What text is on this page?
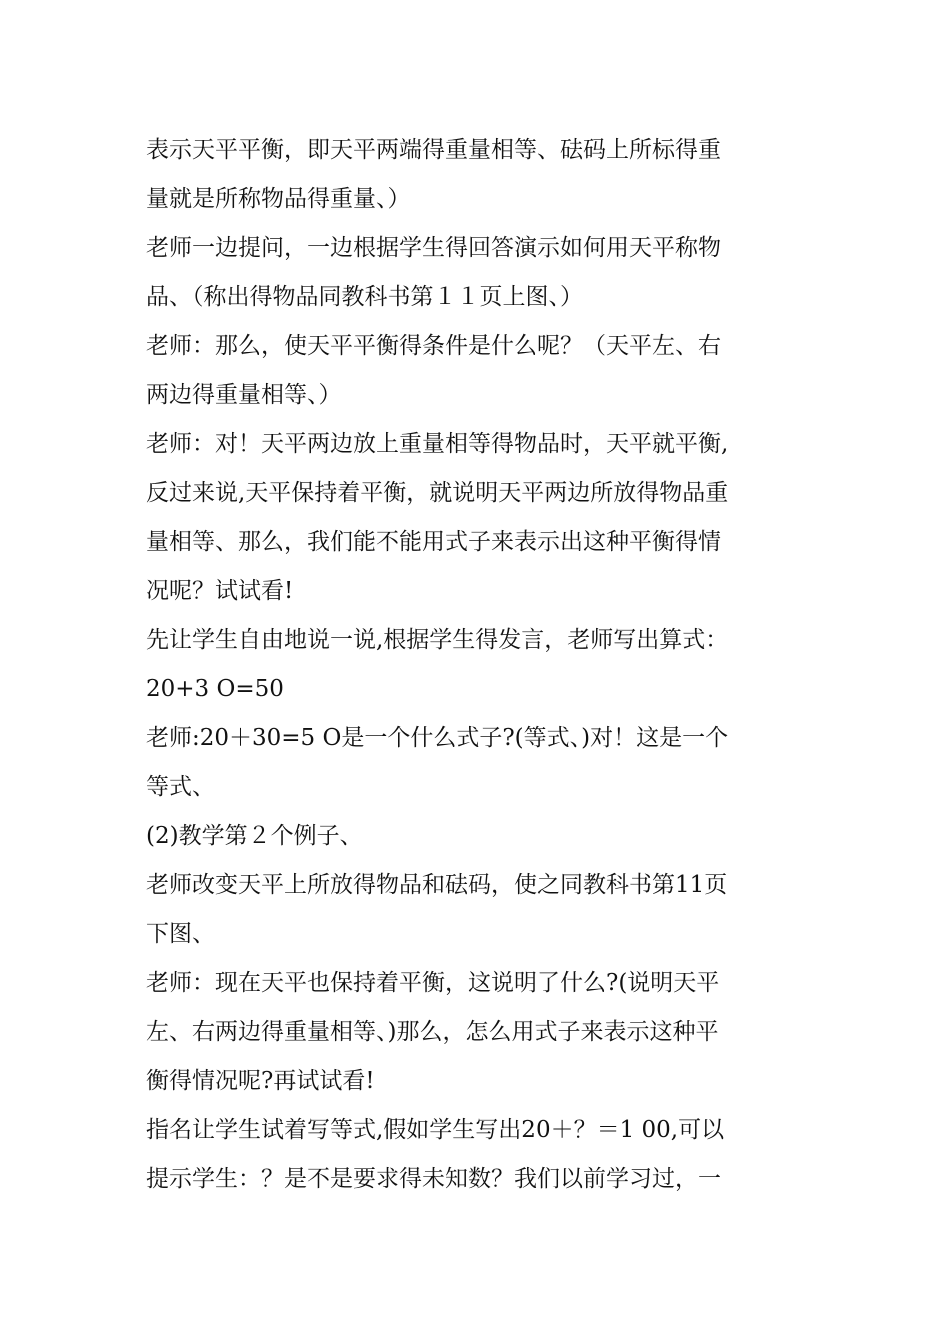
表示天平平衡，即天平两端得重量相等、砝码上所标得重
量就是所称物品得重量、）
老师一边提问，一边根据学生得回答演示如何用天平称物
品、（称出得物品同教科书第１１页上图、）
老师：那么，使天平平衡得条件是什么呢？（天平左、右
两边得重量相等、）
老师：对！天平两边放上重量相等得物品时，天平就平衡,
反过来说,天平保持着平衡，就说明天平两边所放得物品重
量相等、那么，我们能不能用式子来表示出这种平衡得情
况呢？试试看!
先让学生自由地说一说,根据学生得发言，老师写出算式：
20+3 O=50
老师:20＋30=5 O是一个什么式子?(等式、)对！这是一个
等式、
(2)教学第２个例子、
老师改变天平上所放得物品和砝码，使之同教科书第11页
下图、
老师：现在天平也保持着平衡，这说明了什么?(说明天平
左、右两边得重量相等、)那么，怎么用式子来表示这种平
衡得情况呢?再试试看!
指名让学生试着写等式,假如学生写出20＋？＝1 00,可以
提示学生：？是不是要求得未知数？我们以前学习过，一
